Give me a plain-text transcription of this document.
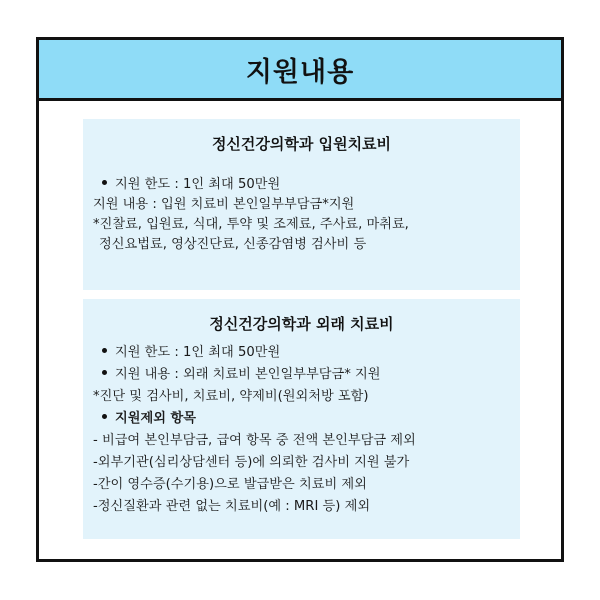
지원내용
정신건강의학과 입원치료비
지원 한도 : 1인 최대 50만원
지원 내용 : 입원 치료비 본인일부부담금*지원
*진찰료, 입원료, 식대, 투약 및 조제료, 주사료, 마취료,
정신요법료, 영상진단료, 신종감염병 검사비 등
정신건강의학과 외래 치료비
지원 한도 : 1인 최대 50만원
지원 내용 : 외래 치료비 본인일부부담금* 지원
*진단 및 검사비, 치료비, 약제비(원외처방 포함)
지원제외 항목
- 비급여 본인부담금, 급여 항목 중 전액 본인부담금 제외
-외부기관(심리상담센터 등)에 의뢰한 검사비 지원 불가
-간이 영수증(수기용)으로 발급받은 치료비 제외
-정신질환과 관련 없는 치료비(예 : MRI 등) 제외
